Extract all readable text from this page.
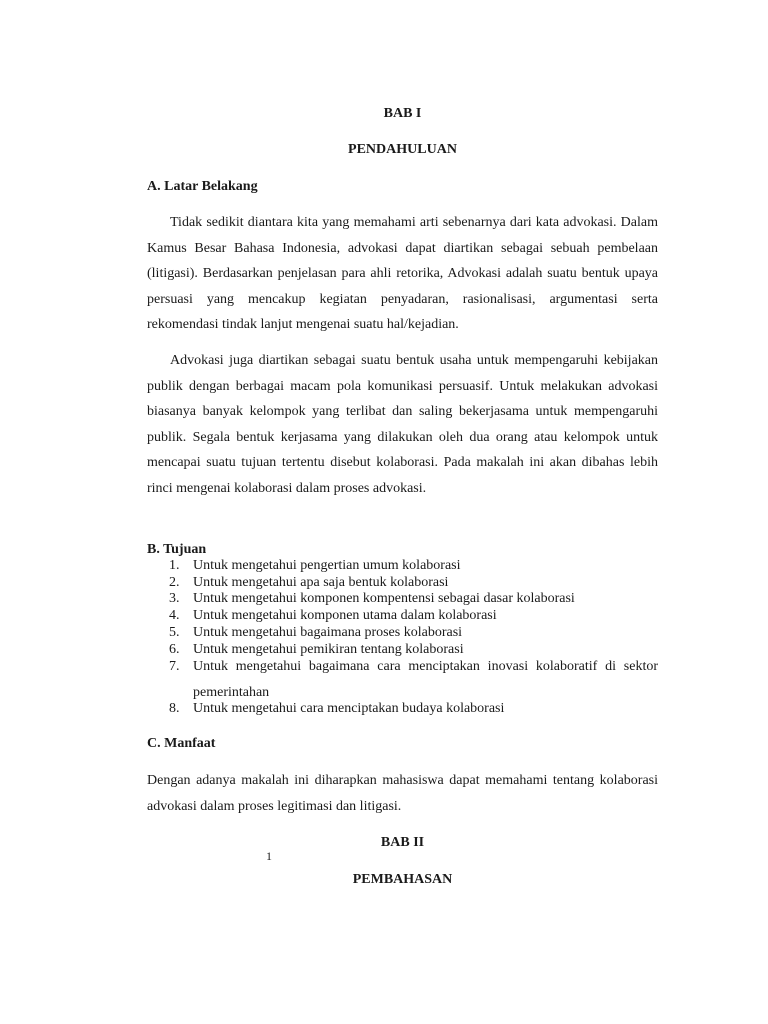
BAB I
PENDAHULUAN
A. Latar Belakang

Tidak sedikit diantara kita yang memahami arti sebenarnya dari kata advokasi. Dalam Kamus Besar Bahasa Indonesia, advokasi dapat diartikan sebagai sebuah pembelaan (litigasi). Berdasarkan penjelasan para ahli retorika, Advokasi adalah suatu bentuk upaya persuasi yang mencakup kegiatan penyadaran, rasionalisasi, argumentasi serta rekomendasi tindak lanjut mengenai suatu hal/kejadian.

Advokasi juga diartikan sebagai suatu bentuk usaha untuk mempengaruhi kebijakan publik dengan berbagai macam pola komunikasi persuasif. Untuk melakukan advokasi biasanya banyak kelompok yang terlibat dan saling bekerjasama untuk mempengaruhi publik. Segala bentuk kerjasama yang dilakukan oleh dua orang atau kelompok untuk mencapai suatu tujuan tertentu disebut kolaborasi. Pada makalah ini akan dibahas lebih rinci mengenai kolaborasi dalam proses advokasi.

B. Tujuan
1. Untuk mengetahui pengertian umum kolaborasi
2. Untuk mengetahui apa saja bentuk kolaborasi
3. Untuk mengetahui komponen kompentensi sebagai dasar kolaborasi
4. Untuk mengetahui komponen utama dalam kolaborasi
5. Untuk mengetahui bagaimana proses kolaborasi
6. Untuk mengetahui pemikiran tentang kolaborasi
7. Untuk mengetahui bagaimana cara menciptakan inovasi kolaboratif di sektor pemerintahan
8. Untuk mengetahui cara menciptakan budaya kolaborasi
C. Manfaat

Dengan adanya makalah ini diharapkan mahasiswa dapat memahami tentang kolaborasi advokasi dalam proses legitimasi dan litigasi.

BAB II
1
PEMBAHASAN
